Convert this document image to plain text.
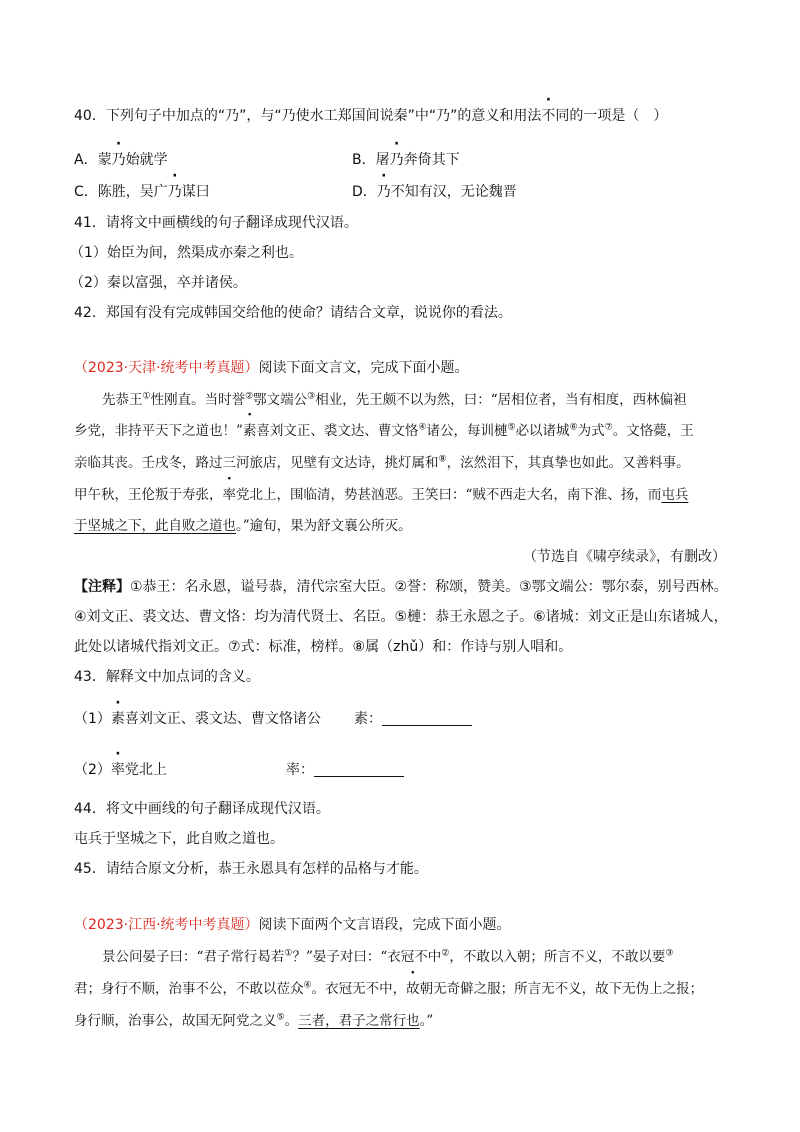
40．下列句子中加点的“乃”，与“乃使水工郑国间说秦”中“乃”的意义和用法不同的一项是（　）
A．蒙乃始就学	B．屠乃奔倚其下
C．陈胜，吴广乃谋曰	D．乃不知有汉，无论魏晋
41．请将文中画横线的句子翻译成现代汉语。
（1）始臣为间，然渠成亦秦之利也。
（2）秦以富强，卒并诸侯。
42．郑国有没有完成韩国交给他的使命？请结合文章，说说你的看法。
（2023·天津·统考中考真题）阅读下面文言文，完成下面小题。
先恭王①性刚直。当时誉②鄂文端公③相业，先王颇不以为然，曰：“居相位者，当有相度，西林偏袒
乡党，非持平天下之道也！”素喜刘文正、裘文达、曹文恪④诸公，每训槤⑤必以诸城⑥为式⑦。文恪薨，王
亲临其丧。壬戌冬，路过三河旅店，见壁有文达诗，挑灯属和⑧，泫然泪下，其真挚也如此。又善料事。
甲午秋，王伦叛于寿张，率党北上，围临清，势甚汹恶。王笑曰：“贼不西走大名，南下淮、扬，而屯兵
于坚城之下，此自败之道也。”逾旬，果为舒文襄公所灭。
（节选自《啸亭续录》，有删改）
【注释】①恭王：名永恩，谥号恭，清代宗室大臣。②誉：称颂，赞美。③鄂文端公：鄂尔泰，别号西林。
④刘文正、裘文达、曹文恪：均为清代贤士、名臣。⑤槤：恭王永恩之子。⑥诸城：刘文正是山东诸城人，
此处以诸城代指刘文正。⑦式：标准，榜样。⑧属（zhǔ）和：作诗与别人唱和。
43．解释文中加点词的含义。
（1）素喜刘文正、裘文达、曹文恪诸公 素：
（2）率党北上	率：
44．将文中画线的句子翻译成现代汉语。
屯兵于坚城之下，此自败之道也。
45．请结合原文分析，恭王永恩具有怎样的品格与才能。
（2023·江西·统考中考真题）阅读下面两个文言语段，完成下面小题。
景公问晏子曰：“君子常行曷若①？”晏子对曰：“衣冠不中②，不敢以入朝；所言不义，不敢以要③
君；身行不顺，治事不公，不敢以莅众④。衣冠无不中，故朝无奇僻之服；所言无不义，故下无伪上之报；
身行顺，治事公，故国无阿党之义⑤。三者，君子之常行也。”
